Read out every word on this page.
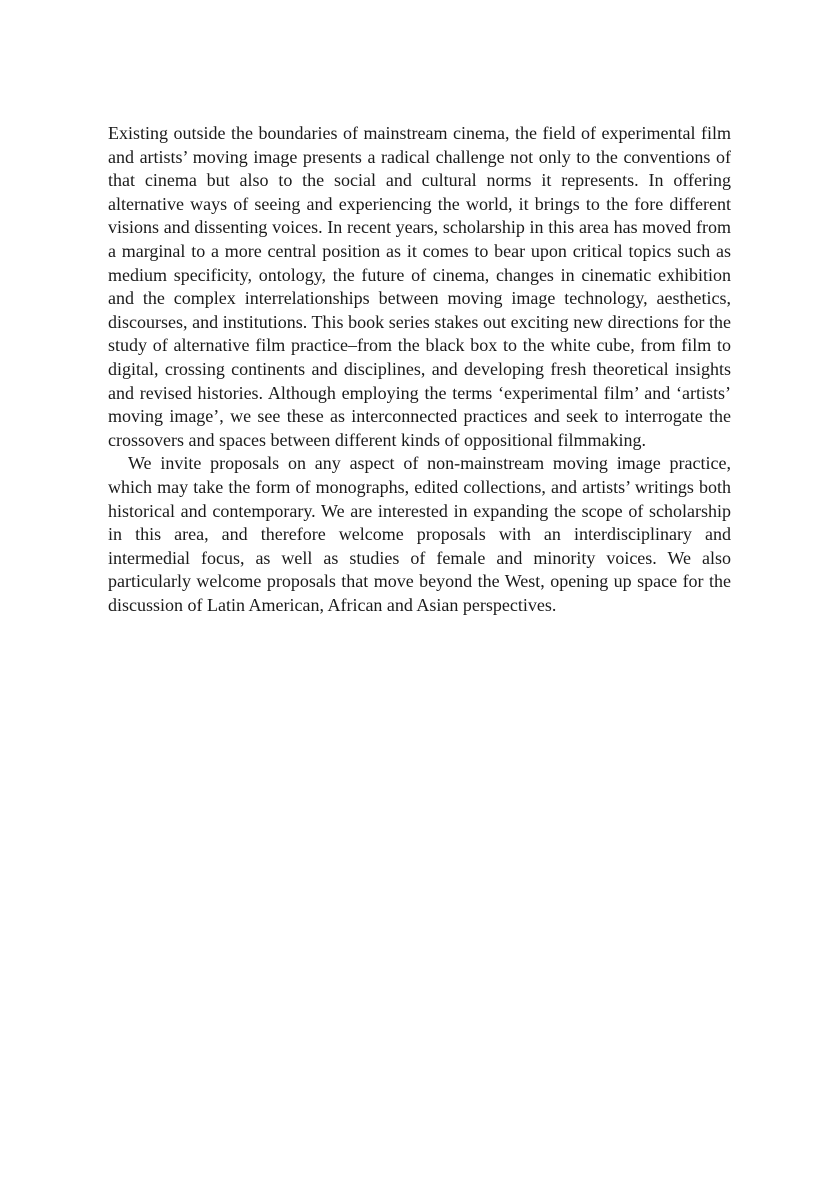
Existing outside the boundaries of mainstream cinema, the field of experimental film and artists’ moving image presents a radical challenge not only to the conventions of that cinema but also to the social and cultural norms it represents. In offering alternative ways of seeing and experiencing the world, it brings to the fore different visions and dissenting voices. In recent years, scholarship in this area has moved from a marginal to a more central position as it comes to bear upon critical topics such as medium specificity, ontology, the future of cinema, changes in cinematic exhibition and the complex interrelationships between moving image technology, aesthetics, discourses, and institutions. This book series stakes out exciting new directions for the study of alternative film practice–from the black box to the white cube, from film to digital, crossing continents and disciplines, and developing fresh theoretical insights and revised histories. Although employing the terms ‘experimental film’ and ‘artists’ moving image’, we see these as interconnected practices and seek to interrogate the crossovers and spaces between different kinds of oppositional filmmaking.

We invite proposals on any aspect of non-mainstream moving image practice, which may take the form of monographs, edited collections, and artists’ writings both historical and contemporary. We are interested in expanding the scope of scholarship in this area, and therefore welcome proposals with an interdisciplinary and intermedial focus, as well as studies of female and minority voices. We also particularly welcome proposals that move beyond the West, opening up space for the discussion of Latin American, African and Asian perspectives.
